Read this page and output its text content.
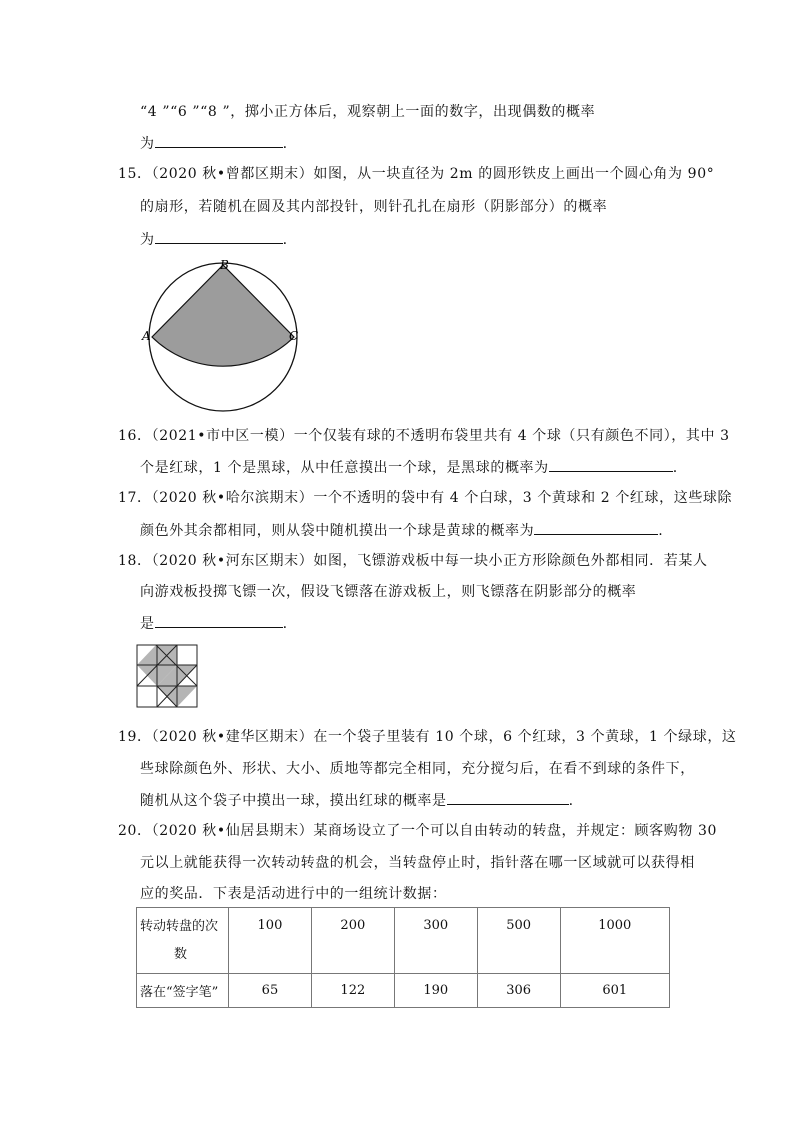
“4 ”“6 ”“8 ”，掷小正方体后，观察朝上一面的数字，出现偶数的概率
为	.
15．（2020 秋•曾都区期末）如图，从一块直径为 2m 的圆形铁皮上画出一个圆心角为 90°
的扇形，若随机在圆及其内部投针，则针孔扎在扇形（阴影部分）的概率
为	.
B
A	C
16．（2021•市中区一模）一个仅装有球的不透明布袋里共有 4 个球（只有颜色不同），其中 3
个是红球，1 个是黑球，从中任意摸出一个球，是黑球的概率为	.
17．（2020 秋•哈尔滨期末）一个不透明的袋中有 4 个白球，3 个黄球和 2 个红球，这些球除
颜色外其余都相同，则从袋中随机摸出一个球是黄球的概率为	.
18．（2020 秋•河东区期末）如图，飞镖游戏板中每一块小正方形除颜色外都相同．若某人
向游戏板投掷飞镖一次，假设飞镖落在游戏板上，则飞镖落在阴影部分的概率
是	.
19．（2020 秋•建华区期末）在一个袋子里装有 10 个球，6 个红球，3 个黄球，1 个绿球，这
些球除颜色外、形状、大小、质地等都完全相同，充分搅匀后，在看不到球的条件下，
随机从这个袋子中摸出一球，摸出红球的概率是	.
20．（2020 秋•仙居县期末）某商场设立了一个可以自由转动的转盘，并规定：顾客购物 30
元以上就能获得一次转动转盘的机会，当转盘停止时，指针落在哪一区域就可以获得相
应的奖品．下表是活动进行中的一组统计数据：
转动转盘的次
数	100	200	300	500	1000
落在“签字笔”	65	122	190	306	601
